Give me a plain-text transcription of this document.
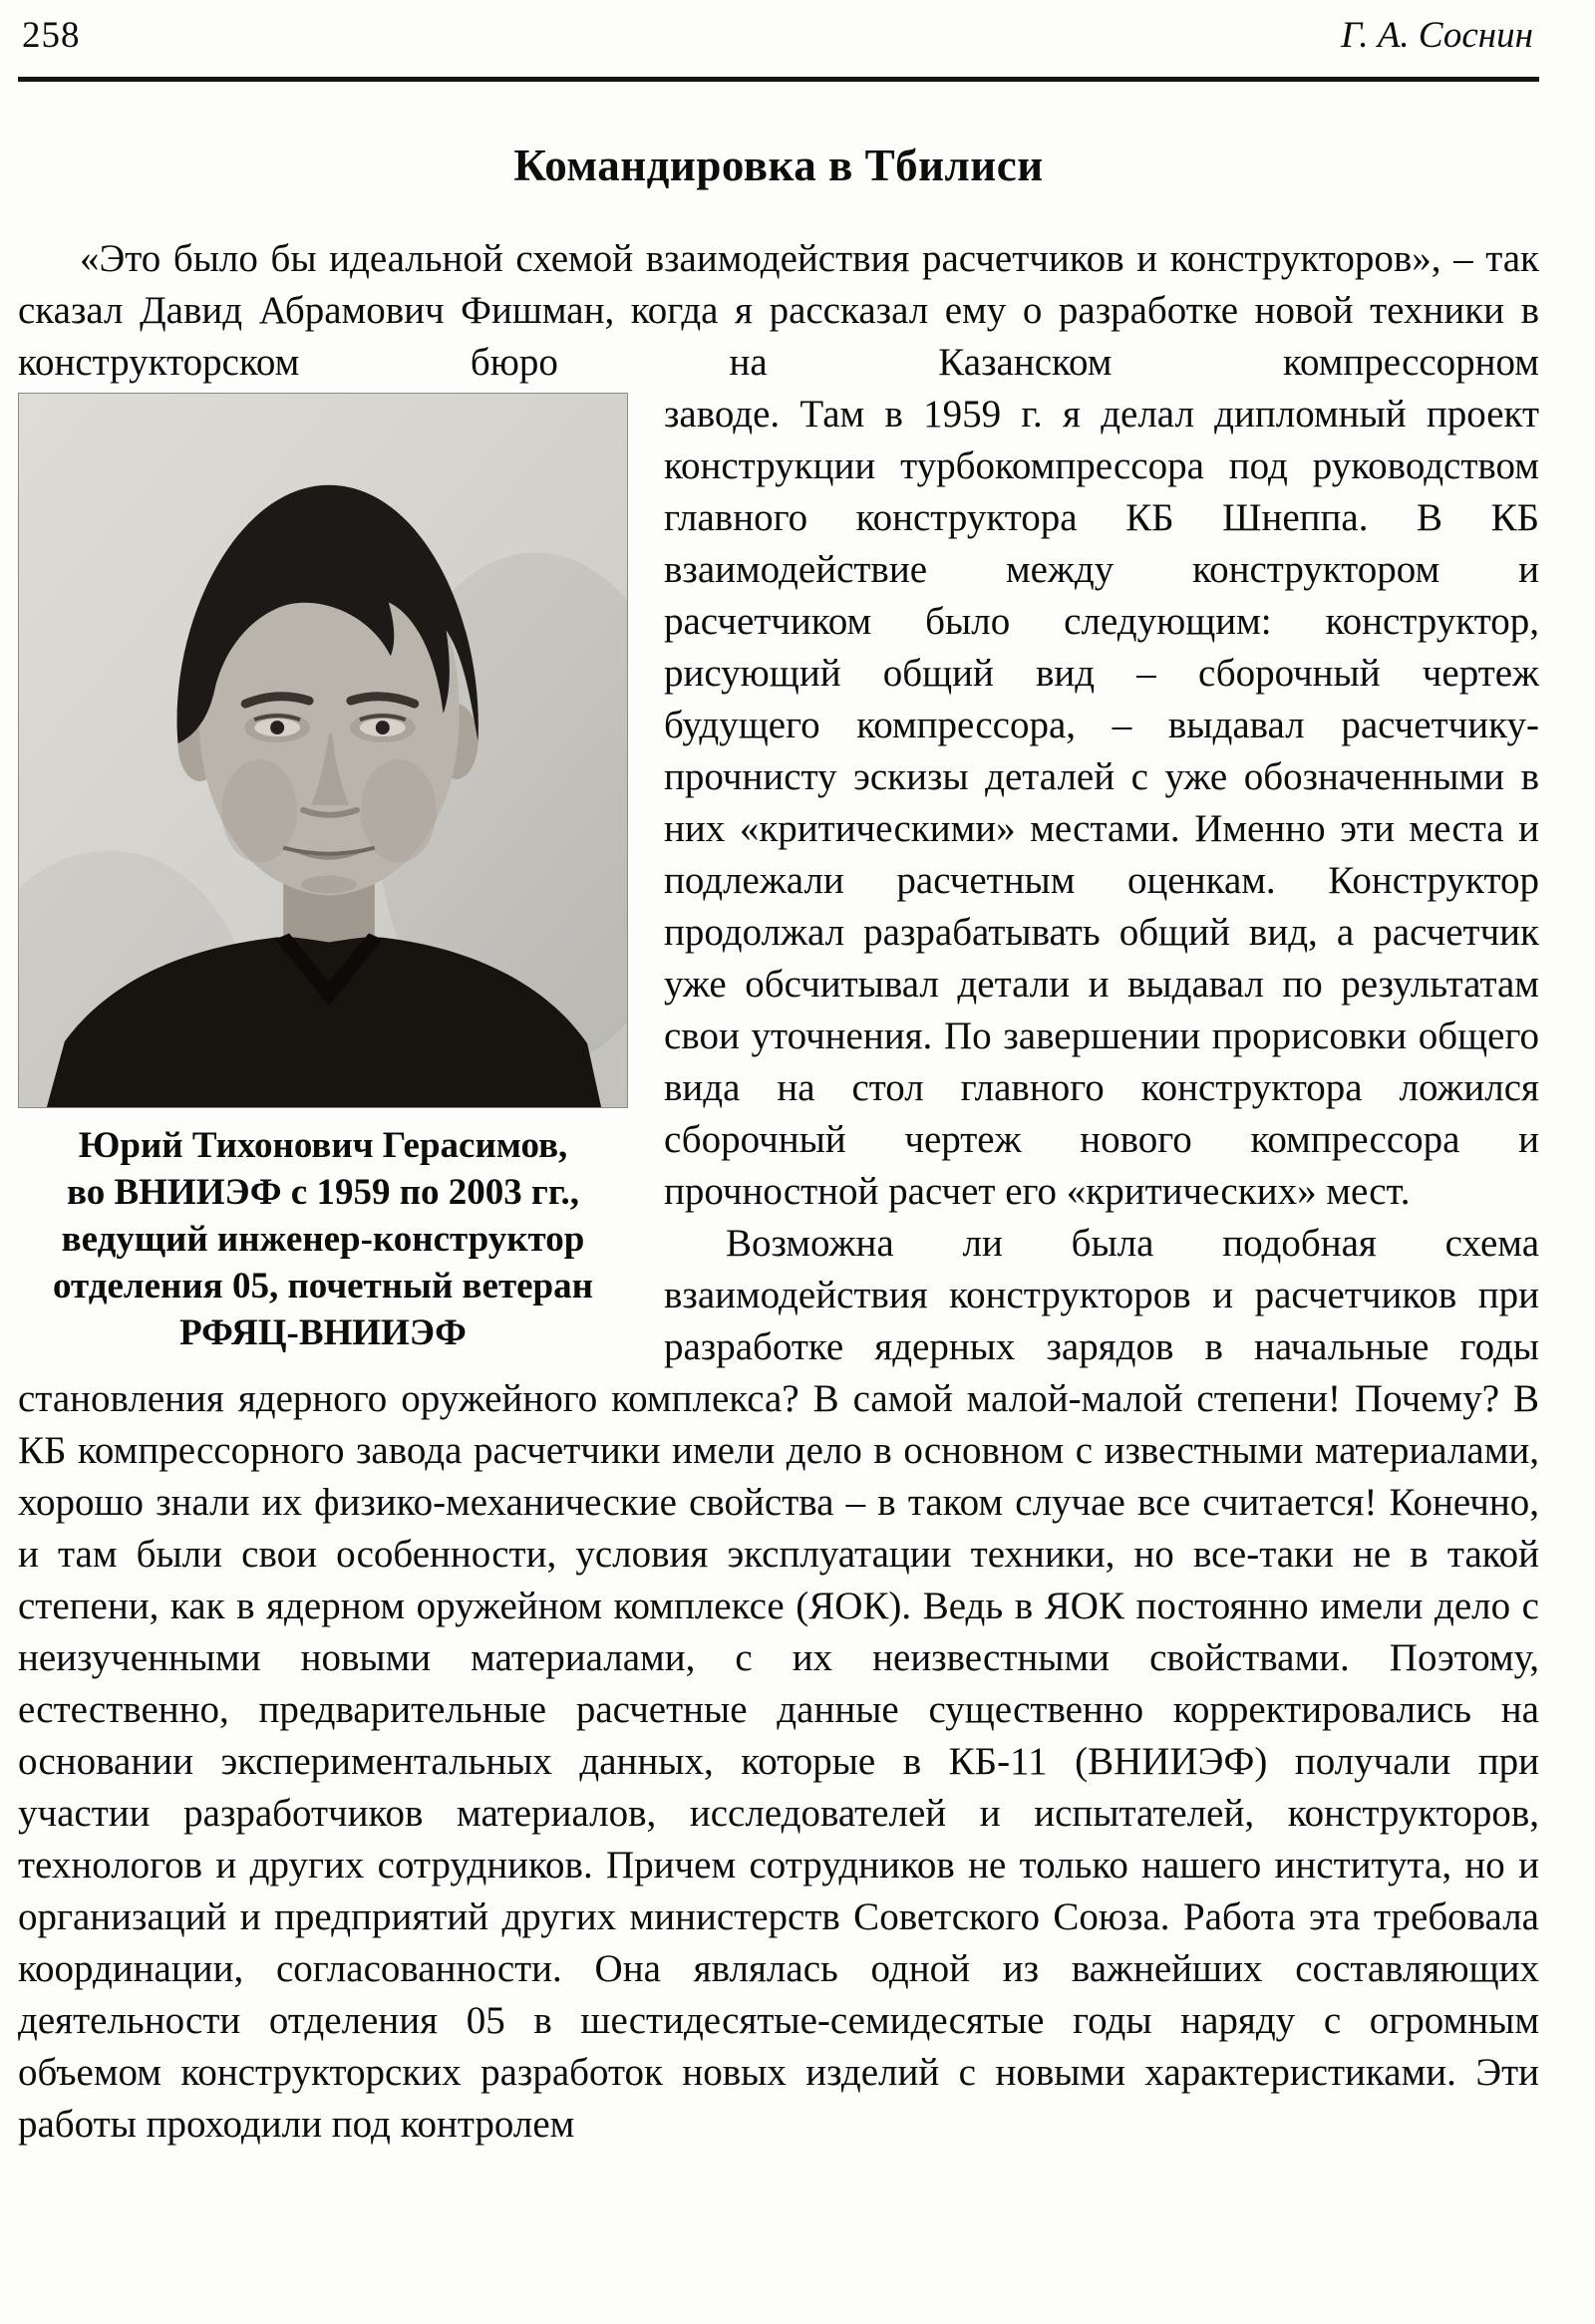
258	Г. А. Соснин
Командировка в Тбилиси

«Это было бы идеальной схемой взаимодействия расчетчиков и конструкторов», – так сказал Давид Абрамович Фишман, когда я рассказал ему о разработке новой техники в конструкторском бюро на Казанском компрессорном

Юрий Тихонович Герасимов,
во ВНИИЭФ с 1959 по 2003 гг.,
ведущий инженер-конструктор
отделения 05, почетный ветеран
РФЯЦ-ВНИИЭФ

заводе. Там в 1959 г. я делал дипломный проект конструкции турбокомпрессора под руководством главного конструктора КБ Шнеппа. В КБ взаимодействие между конструктором и расчетчиком было следующим: конструктор, рисующий общий вид – сборочный чертеж будущего компрессора, – выдавал расчетчику-прочнисту эскизы деталей с уже обозначенными в них «критическими» местами. Именно эти места и подлежали расчетным оценкам. Конструктор продолжал разрабатывать общий вид, а расчетчик уже обсчитывал детали и выдавал по результатам свои уточнения. По завершении прорисовки общего вида на стол главного конструктора ложился сборочный чертеж нового компрессора и прочностной расчет его «критических» мест.

Возможна ли была подобная схема взаимодействия конструкторов и расчетчиков при разработке ядерных зарядов в начальные годы становления ядерного оружейного комплекса? В самой малой-малой степени! Почему? В КБ компрессорного завода расчетчики имели дело в основном с известными материалами, хорошо знали их физико-механические свойства – в таком случае все считается! Конечно, и там были свои особенности, условия эксплуатации техники, но все-таки не в такой степени, как в ядерном оружейном комплексе (ЯОК). Ведь в ЯОК постоянно имели дело с неизученными новыми материалами, с их неизвестными свойствами. Поэтому, естественно, предварительные расчетные данные существенно корректировались на основании экспериментальных данных, которые в КБ-11 (ВНИИЭФ) получали при участии разработчиков материалов, исследователей и испытателей, конструкторов, технологов и других сотрудников. Причем сотрудников не только нашего института, но и организаций и предприятий других министерств Советского Союза. Работа эта требовала координации, согласованности. Она являлась одной из важнейших составляющих деятельности отделения 05 в шестидесятые-семидесятые годы наряду с огромным объемом конструкторских разработок новых изделий с новыми характеристиками. Эти работы проходили под контролем
